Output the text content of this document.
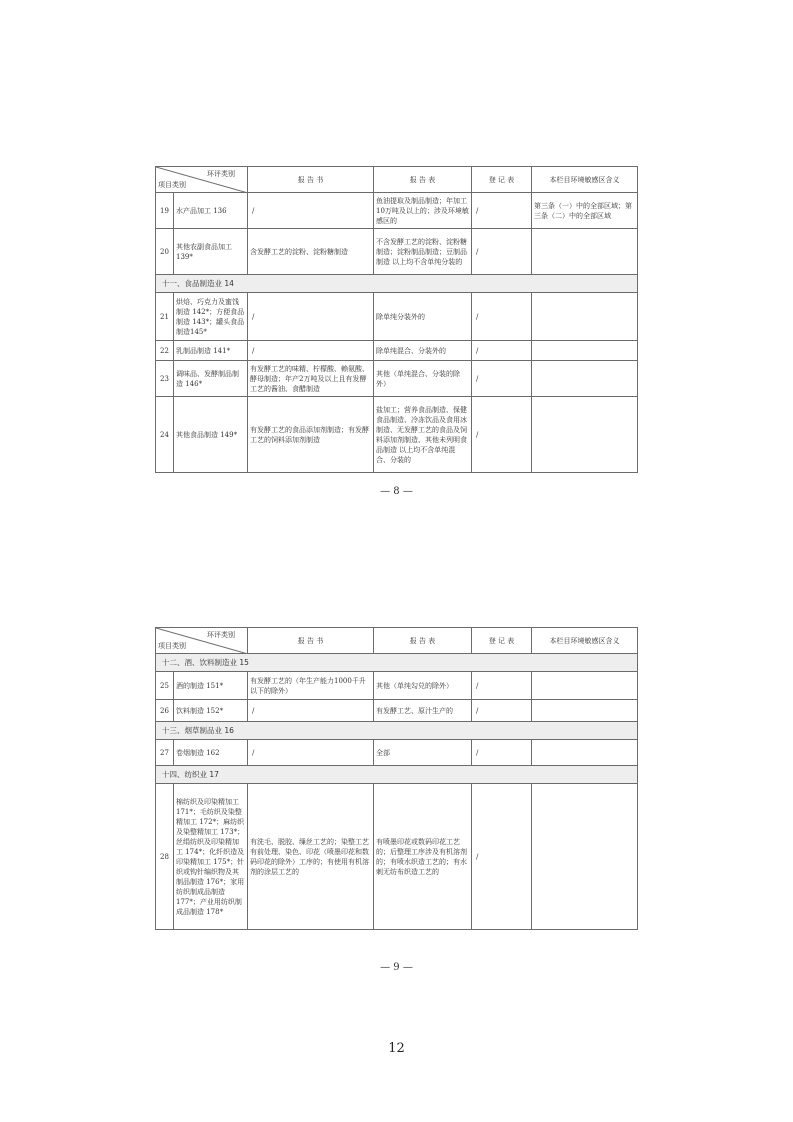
环评类别
项目类别		报 告 书	报 告 表	登 记 表	本栏目环境敏感区含义
19	水产品加工 136	/	鱼油提取及制品制造；年加工10万吨及以上的；涉及环境敏感区的	/	第三条（一）中的全部区域；第三条（二）中的全部区域
20	其他农副食品加工 139*	含发酵工艺的淀粉、淀粉糖制造	不含发酵工艺的淀粉、淀粉糖制造；淀粉制品制造；豆制品制造 以上均不含单纯分装的	/	
十一、食品制造业 14					
21	烘焙、巧克力及蜜饯制造 142*；方便食品制造 143*；罐头食品制造145*	/	除单纯分装外的	/	
22	乳制品制造 141*	/	除单纯混合、分装外的	/	
23	调味品、发酵制品制造 146*	有发酵工艺的味精、柠檬酸、赖氨酸、酵母制造；年产2万吨及以上且有发酵工艺的酱油、食醋制造	其他（单纯混合、分装的除外）	/	
24	其他食品制造 149*	有发酵工艺的食品添加剂制造；有发酵工艺的饲料添加剂制造	盐加工；营养食品制造、保健食品制造、冷冻饮品及食用冰制造、无发酵工艺的食品及饲料添加剂制造、其他未列明食品制造 以上均不含单纯混合、分装的	/	
— 8 —
环评类别
项目类别		报 告 书	报 告 表	登 记 表	本栏目环境敏感区含义
十二、酒、饮料制造业 15					
25	酒的制造 151*	有发酵工艺的（年生产能力1000千升以下的除外）	其他（单纯勾兑的除外）	/	
26	饮料制造 152*	/	有发酵工艺、原汁生产的	/	
十三、烟草制品业 16					
27	卷烟制造 162	/	全部	/	
十四、纺织业 17					
28	棉纺织及印染精加工 171*；毛纺织及染整精加工 172*；麻纺织及染整精加工 173*；丝绢纺织及印染精加工 174*；化纤织造及印染精加工 175*；针织或钩针编织物及其制品制造 176*；家用纺织制成品制造 177*；产业用纺织制成品制造 178*	有洗毛、脱胶、缫丝工艺的；染整工艺有前处理、染色、印花（喷墨印花和数码印花的除外）工序的；有使用有机溶剂的涂层工艺的	有喷墨印花或数码印花工艺的；后整理工序涉及有机溶剂的；有喷水织造工艺的；有水刺无纺布织造工艺的	/	
— 9 —
12
